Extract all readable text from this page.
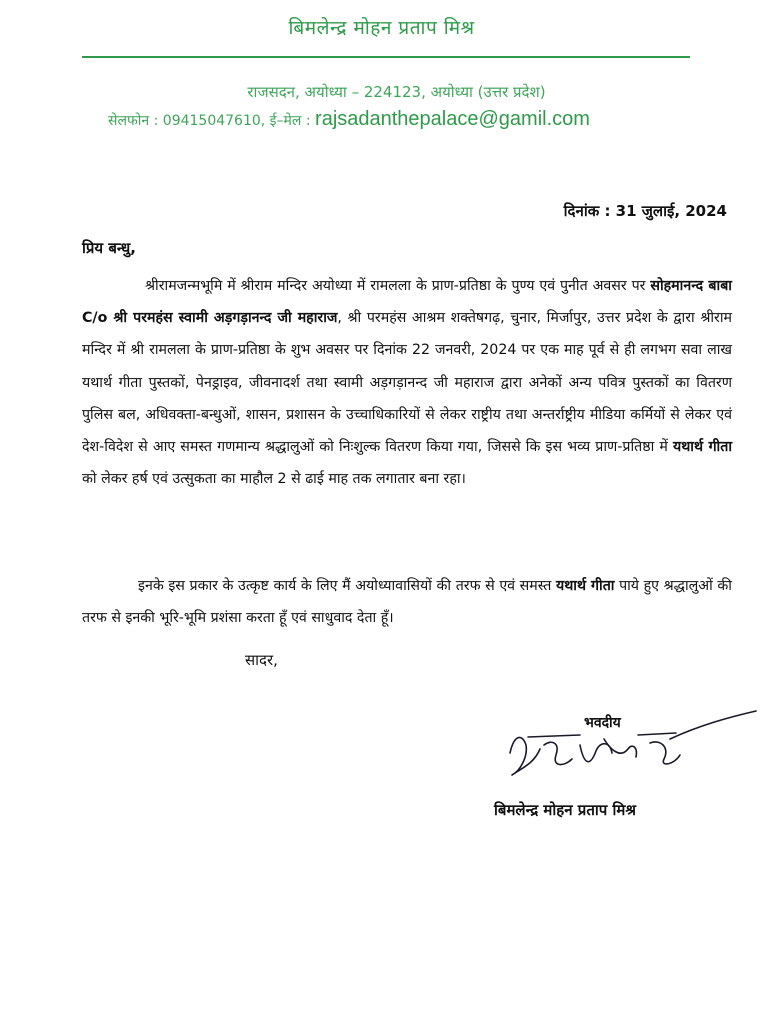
बिमलेन्द्र मोहन प्रताप मिश्र
राजसदन, अयोध्या – 224123, अयोध्या (उत्तर प्रदेश)
सेलफोन : 09415047610, ई–मेल : rajsadanthepalace@gamil.com
दिनांक : 31 जुलाई, 2024
प्रिय बन्धु,

श्रीरामजन्मभूमि में श्रीराम मन्दिर अयोध्या में रामलला के प्राण-प्रतिष्ठा के पुण्य एवं पुनीत अवसर पर सोहमानन्द बाबा C/o श्री परमहंस स्वामी अड़गड़ानन्द जी महाराज, श्री परमहंस आश्रम शक्तेषगढ़, चुनार, मिर्जापुर, उत्तर प्रदेश के द्वारा श्रीराम मन्दिर में श्री रामलला के प्राण-प्रतिष्ठा के शुभ अवसर पर दिनांक 22 जनवरी, 2024 पर एक माह पूर्व से ही लगभग सवा लाख यथार्थ गीता पुस्तकों, पेनड्राइव, जीवनादर्श तथा स्वामी अड़गड़ानन्द जी महाराज द्वारा अनेकों अन्य पवित्र पुस्तकों का वितरण पुलिस बल, अधिवक्ता-बन्धुओं, शासन, प्रशासन के उच्चाधिकारियों से लेकर राष्ट्रीय तथा अन्तर्राष्ट्रीय मीडिया कर्मियों से लेकर एवं देश-विदेश से आए समस्त गणमान्य श्रद्धालुओं को निःशुल्क वितरण किया गया, जिससे कि इस भव्य प्राण-प्रतिष्ठा में यथार्थ गीता को लेकर हर्ष एवं उत्सुकता का माहौल 2 से ढाई माह तक लगातार बना रहा।

इनके इस प्रकार के उत्कृष्ट कार्य के लिए मैं अयोध्यावासियों की तरफ से एवं समस्त यथार्थ गीता पाये हुए श्रद्धालुओं की तरफ से इनकी भूरि-भूमि प्रशंसा करता हूँ एवं साधुवाद देता हूँ।

सादर,
भवदीय
बिमलेन्द्र मोहन प्रताप मिश्र
